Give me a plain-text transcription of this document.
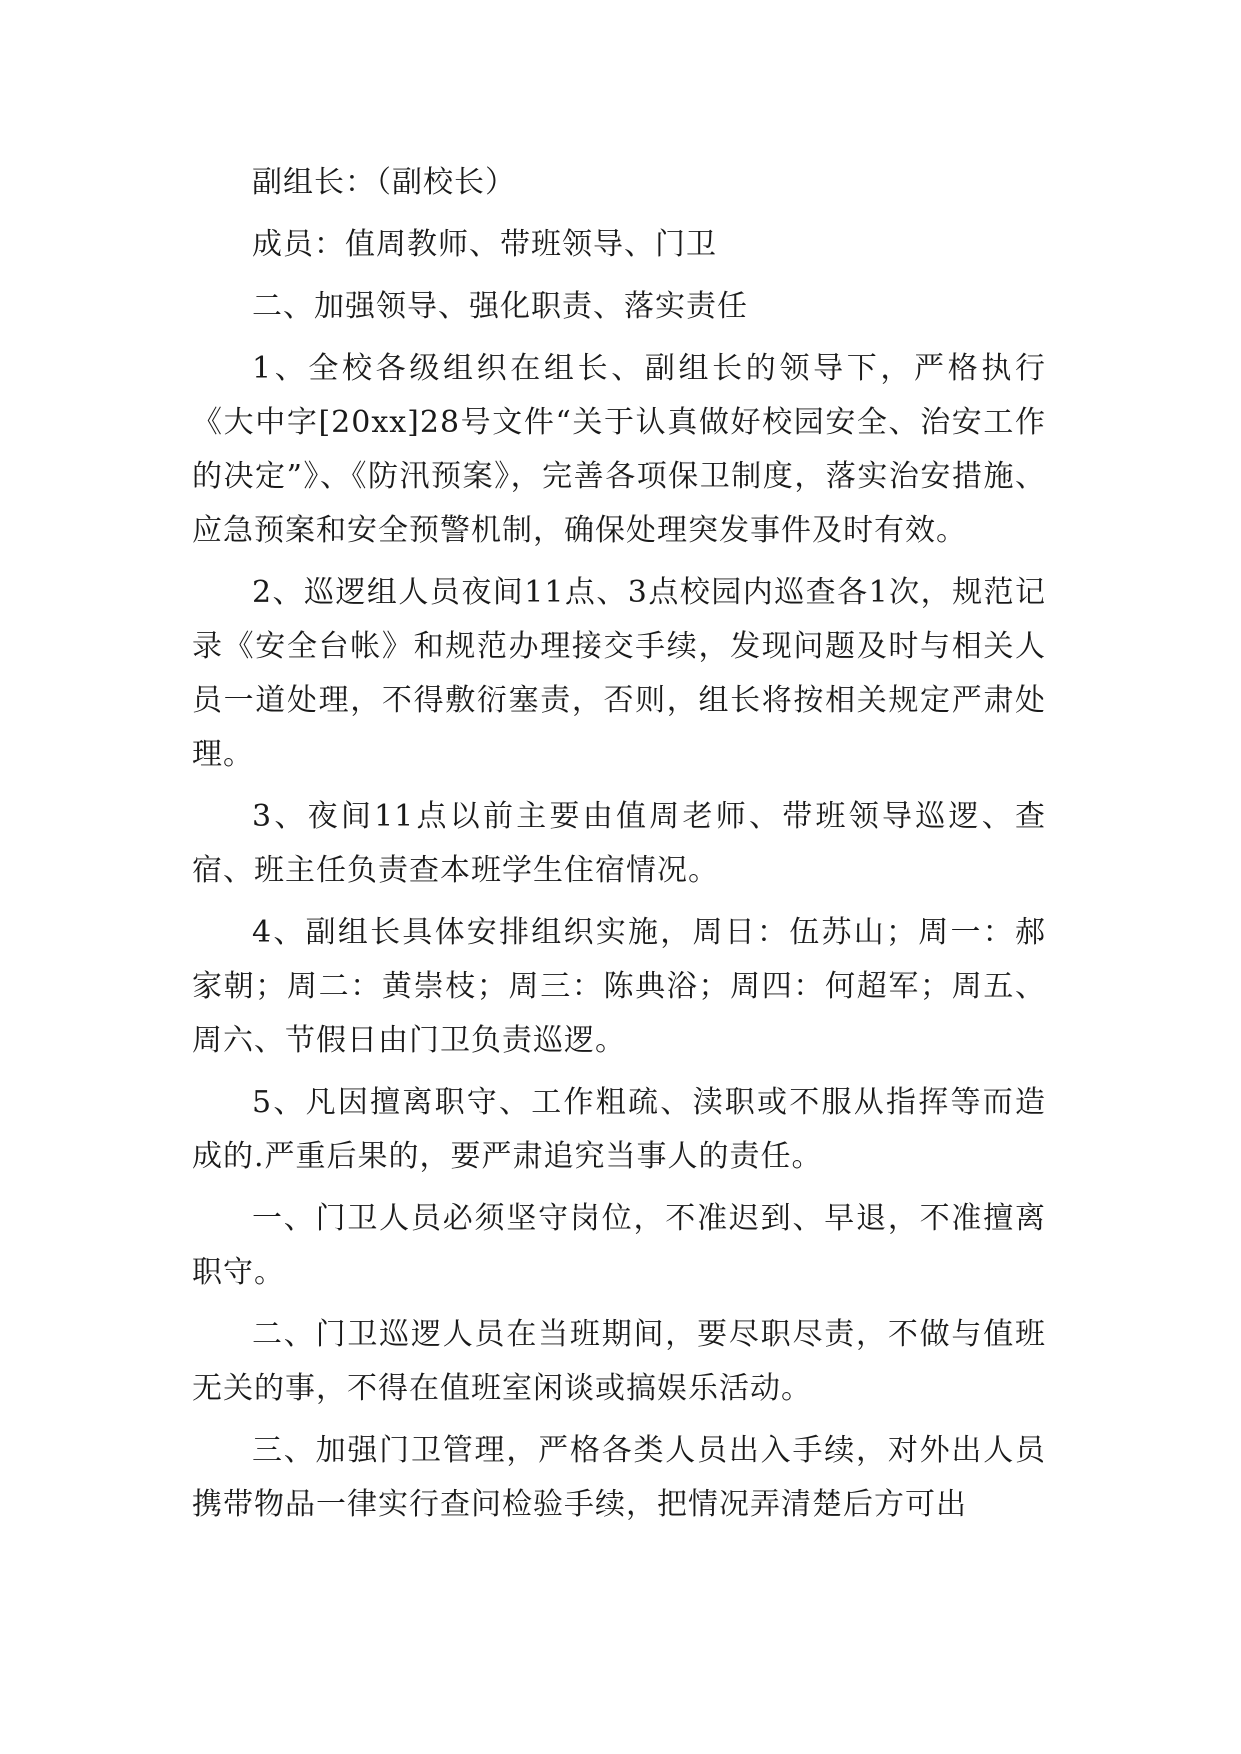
副组长：（副校长）

成员：值周教师、带班领导、门卫

二、加强领导、强化职责、落实责任

1、全校各级组织在组长、副组长的领导下，严格执行《大中字[20xx]28号文件“关于认真做好校园安全、治安工作的决定”》、《防汛预案》，完善各项保卫制度，落实治安措施、应急预案和安全预警机制，确保处理突发事件及时有效。

2、巡逻组人员夜间11点、3点校园内巡查各1次，规范记录《安全台帐》和规范办理接交手续，发现问题及时与相关人员一道处理，不得敷衍塞责，否则，组长将按相关规定严肃处理。

3、夜间11点以前主要由值周老师、带班领导巡逻、查宿、班主任负责查本班学生住宿情况。

4、副组长具体安排组织实施，周日：伍苏山；周一：郝家朝；周二：黄崇枝；周三：陈典浴；周四：何超军；周五、周六、节假日由门卫负责巡逻。

5、凡因擅离职守、工作粗疏、渎职或不服从指挥等而造成的.严重后果的，要严肃追究当事人的责任。

一、门卫人员必须坚守岗位，不准迟到、早退，不准擅离职守。

二、门卫巡逻人员在当班期间，要尽职尽责，不做与值班无关的事，不得在值班室闲谈或搞娱乐活动。

三、加强门卫管理，严格各类人员出入手续，对外出人员携带物品一律实行查问检验手续，把情况弄清楚后方可出
